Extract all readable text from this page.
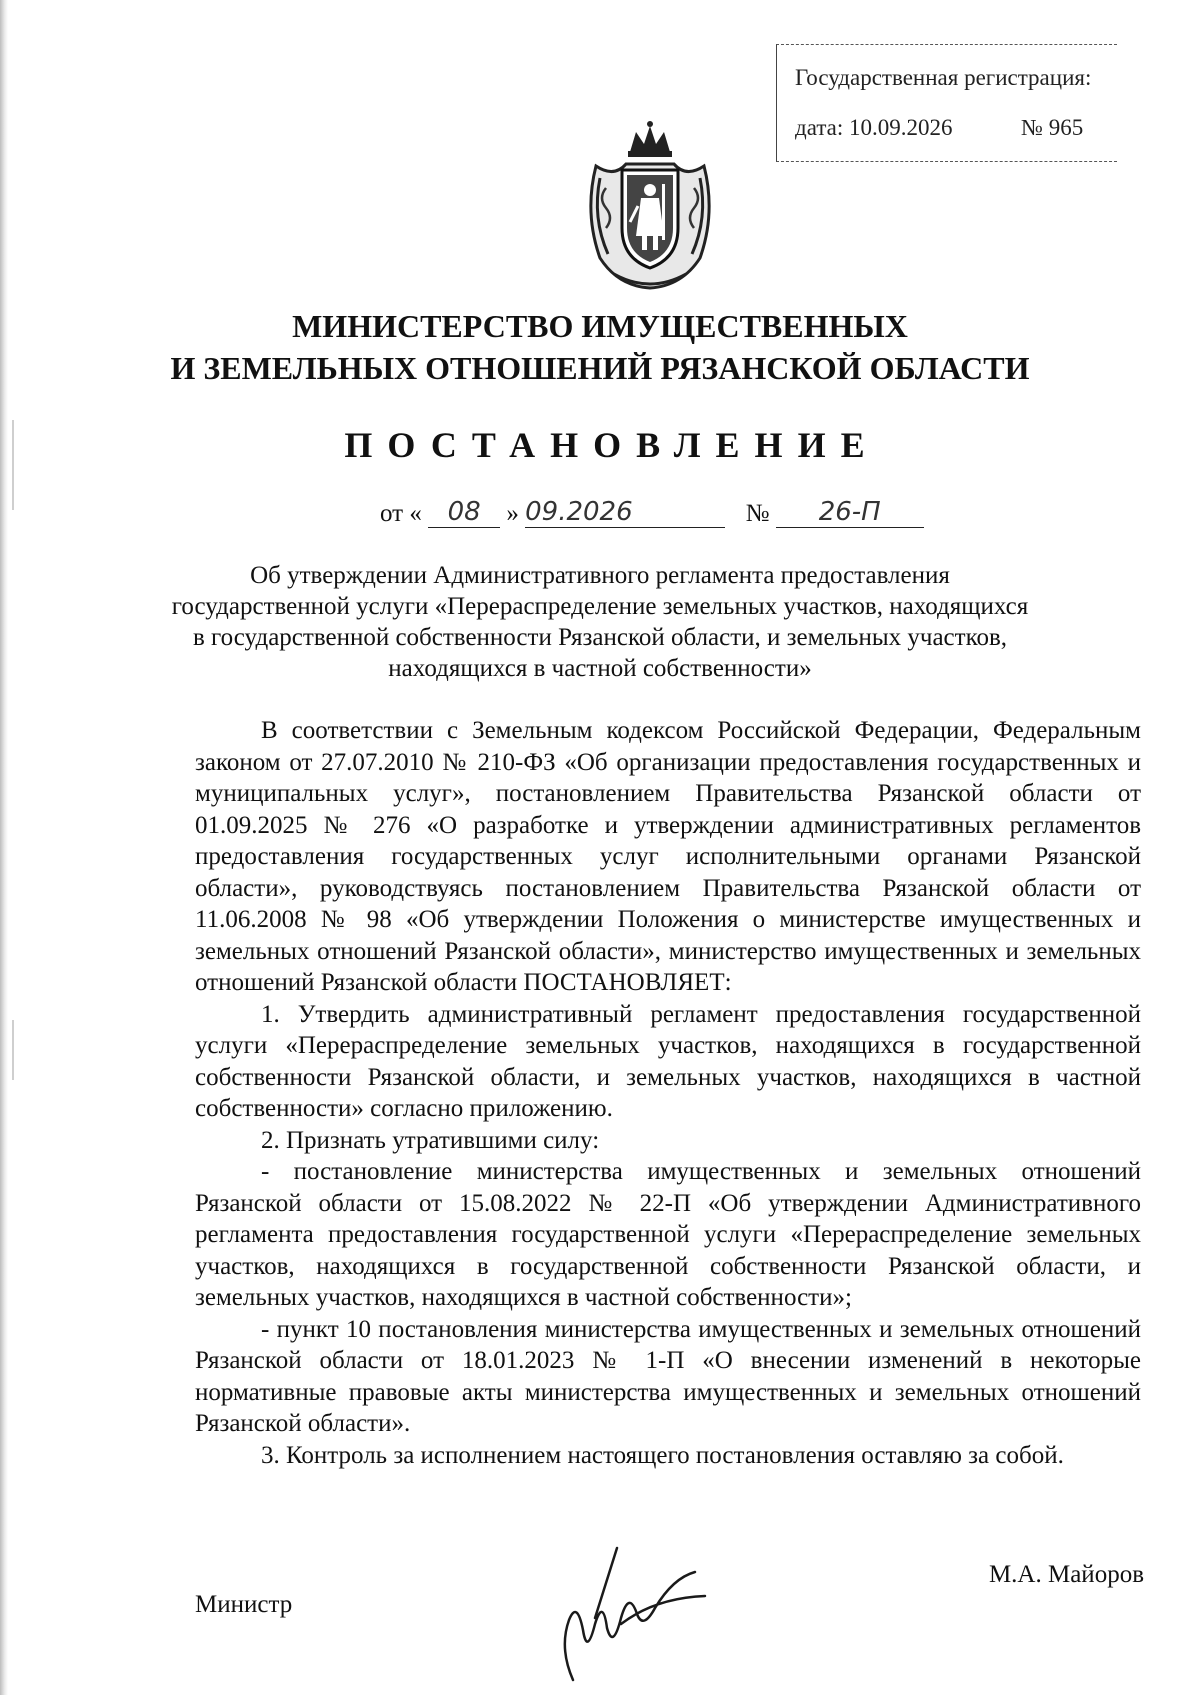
Государственная регистрация:
дата: 10.09.2026	№ 965
МИНИСТЕРСТВО ИМУЩЕСТВЕННЫХ
И ЗЕМЕЛЬНЫХ ОТНОШЕНИЙ РЯЗАНСКОЙ ОБЛАСТИ
ПОСТАНОВЛЕНИЕ
от « 08 » 09.2026	№ 26-П
Об утверждении Административного регламента предоставления
государственной услуги «Перераспределение земельных участков, находящихся
в государственной собственности Рязанской области, и земельных участков,
находящихся в частной собственности»

В соответствии с Земельным кодексом Российской Федерации, Федеральным законом от 27.07.2010 № 210-ФЗ «Об организации предоставления государственных и муниципальных услуг», постановлением Правительства Рязанской области от 01.09.2025 № 276 «О разработке и утверждении административных регламентов предоставления государственных услуг исполнительными органами Рязанской области», руководствуясь постановлением Правительства Рязанской области от 11.06.2008 № 98 «Об утверждении Положения о министерстве имущественных и земельных отношений Рязанской области», министерство имущественных и земельных отношений Рязанской области ПОСТАНОВЛЯЕТ:

1. Утвердить административный регламент предоставления государственной услуги «Перераспределение земельных участков, находящихся в государственной собственности Рязанской области, и земельных участков, находящихся в частной собственности» согласно приложению.

2. Признать утратившими силу:

- постановление министерства имущественных и земельных отношений Рязанской области от 15.08.2022 № 22-П «Об утверждении Административного регламента предоставления государственной услуги «Перераспределение земельных участков, находящихся в государственной собственности Рязанской области, и земельных участков, находящихся в частной собственности»;

- пункт 10 постановления министерства имущественных и земельных отношений Рязанской области от 18.01.2023 № 1-П «О внесении изменений в некоторые нормативные правовые акты министерства имущественных и земельных отношений Рязанской области».

3. Контроль за исполнением настоящего постановления оставляю за собой.

Министр
М.А. Майоров
